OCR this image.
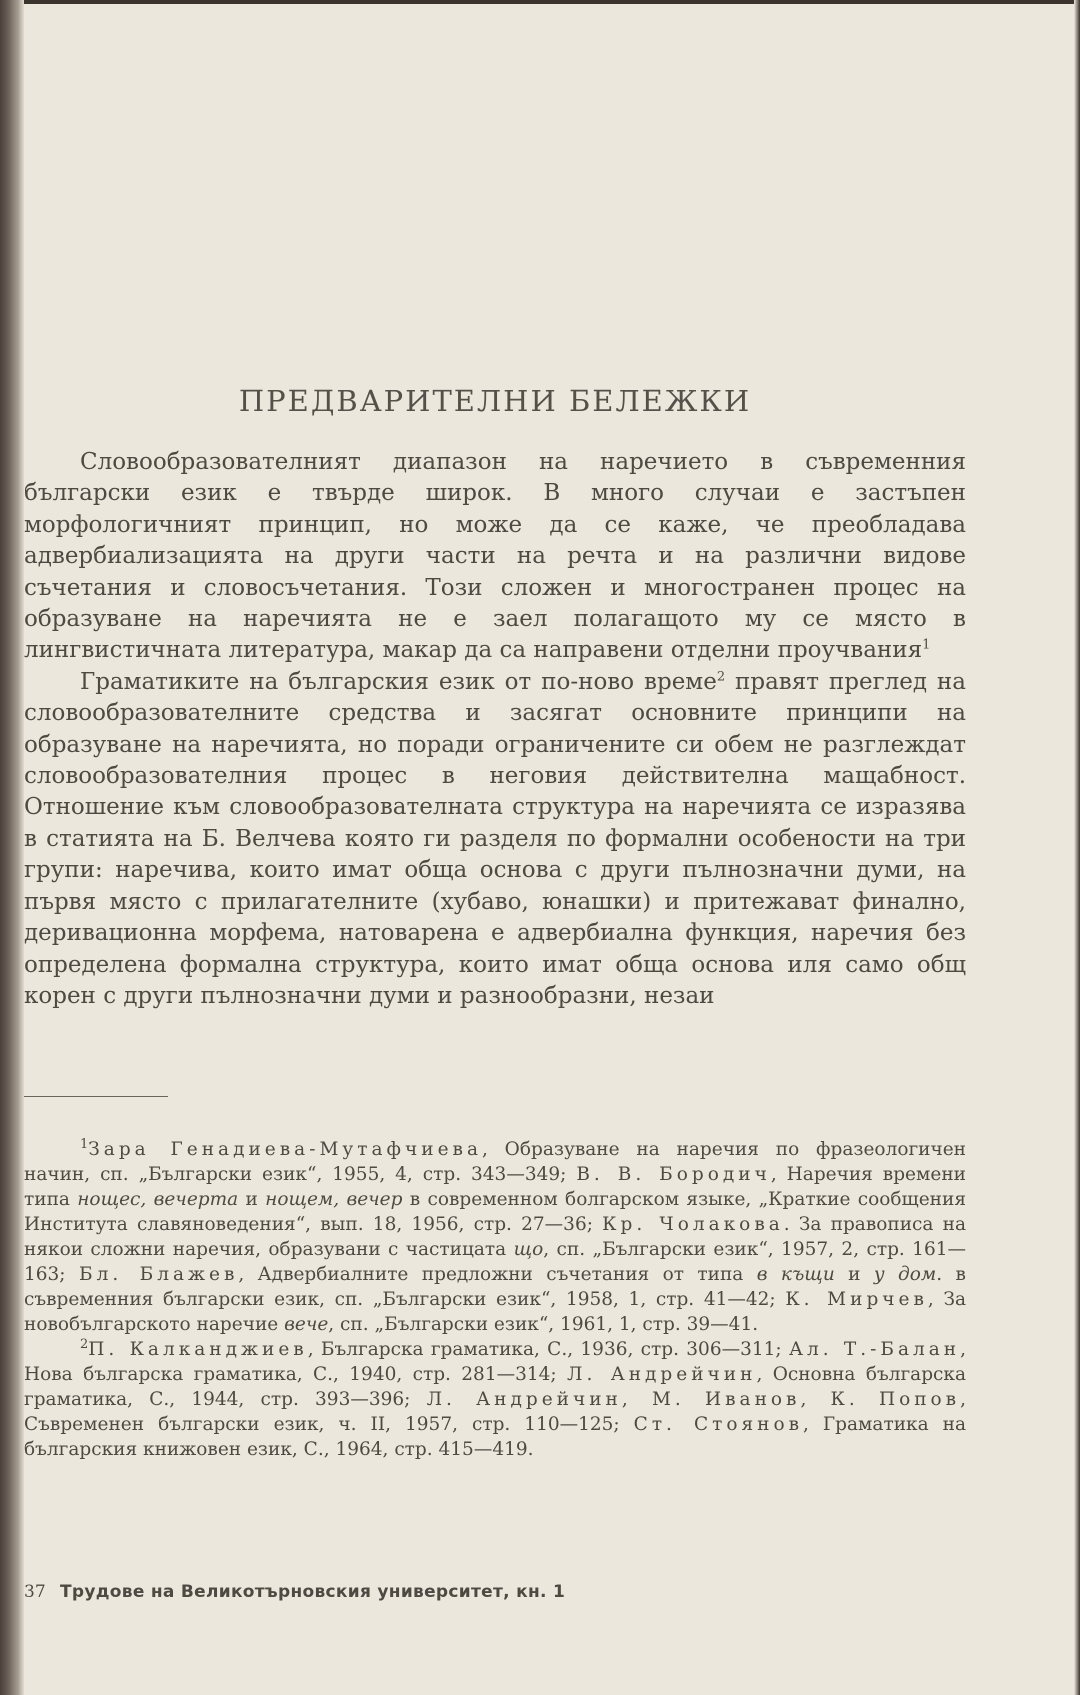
ПРЕДВАРИТЕЛНИ БЕЛЕЖКИ

Словообразователният диапазон на наречието в съвременния български език е твърде широк. В много случаи е застъпен морфологичният принцип, но може да се каже, че преобладава адвербиализацията на други части на речта и на различни видове съчетания и словосъчетания. Този сложен и многостранен процес на образуване на наречията не е заел полагащото му се място в лингвистичната литература, макар да са направени отделни проучвания$^1$

Граматиките на българския език от по-ново време$^2$ правят преглед на словообразователните средства и засягат основните принципи на образуване на наречията, но поради ограничените си обем не разглеждат словообразователния процес в неговия действителна мащабност. Отношение към словообразователната структура на наречията се изразява в статията на Б. Велчева която ги разделя по формални особености на три групи: наречива, които имат обща основа с други пълнозначни думи, на първя място с прилагателните (хубаво, юнашки) и притежават финално, деривационна морфема, натоварена е адвербиална функция, наречия без определена формална структура, които имат обща основа иля само общ корен с други пълнозначни думи и разнообразни, незаи

$^1$Зара Генадиева-Мутафчиева, Образуване на наречия по фразеологичен начин, сп. „Български език“, 1955, 4, стр. 343—349; В. В. Бородич, Наречия времени типа нощес, вечерта и нощем, вечер в современном болгарском языке, „Краткие сообщения Института славяноведения“, вып. 18, 1956, стр. 27—36; Кр. Чолакова. За правописа на някои сложни наречия, образувани с частицата що, сп. „Български език“, 1957, 2, стр. 161—163; Бл. Блажев, Адвербиалните предложни съчетания от типа в къщи и у дом. в съвременния български език, сп. „Български език“, 1958, 1, стр. 41—42; К. Мирчев, За новобългарското наречие вече, сп. „Български език“, 1961, 1, стр. 39—41.

$^2$П. Калканджиев, Българска граматика, С., 1936, стр. 306—311; Ал. Т.-Балан, Нова българска граматика, С., 1940, стр. 281—314; Л. Андрейчин, Основна българска граматика, С., 1944, стр. 393—396; Л. Андрейчин, М. Иванов, К. Попов, Съвременен български език, ч. II, 1957, стр. 110—125; Ст. Стоянов, Граматика на българския книжовен език, С., 1964, стр. 415—419.

37 Трудове на Великотърновския университет, кн. 1
